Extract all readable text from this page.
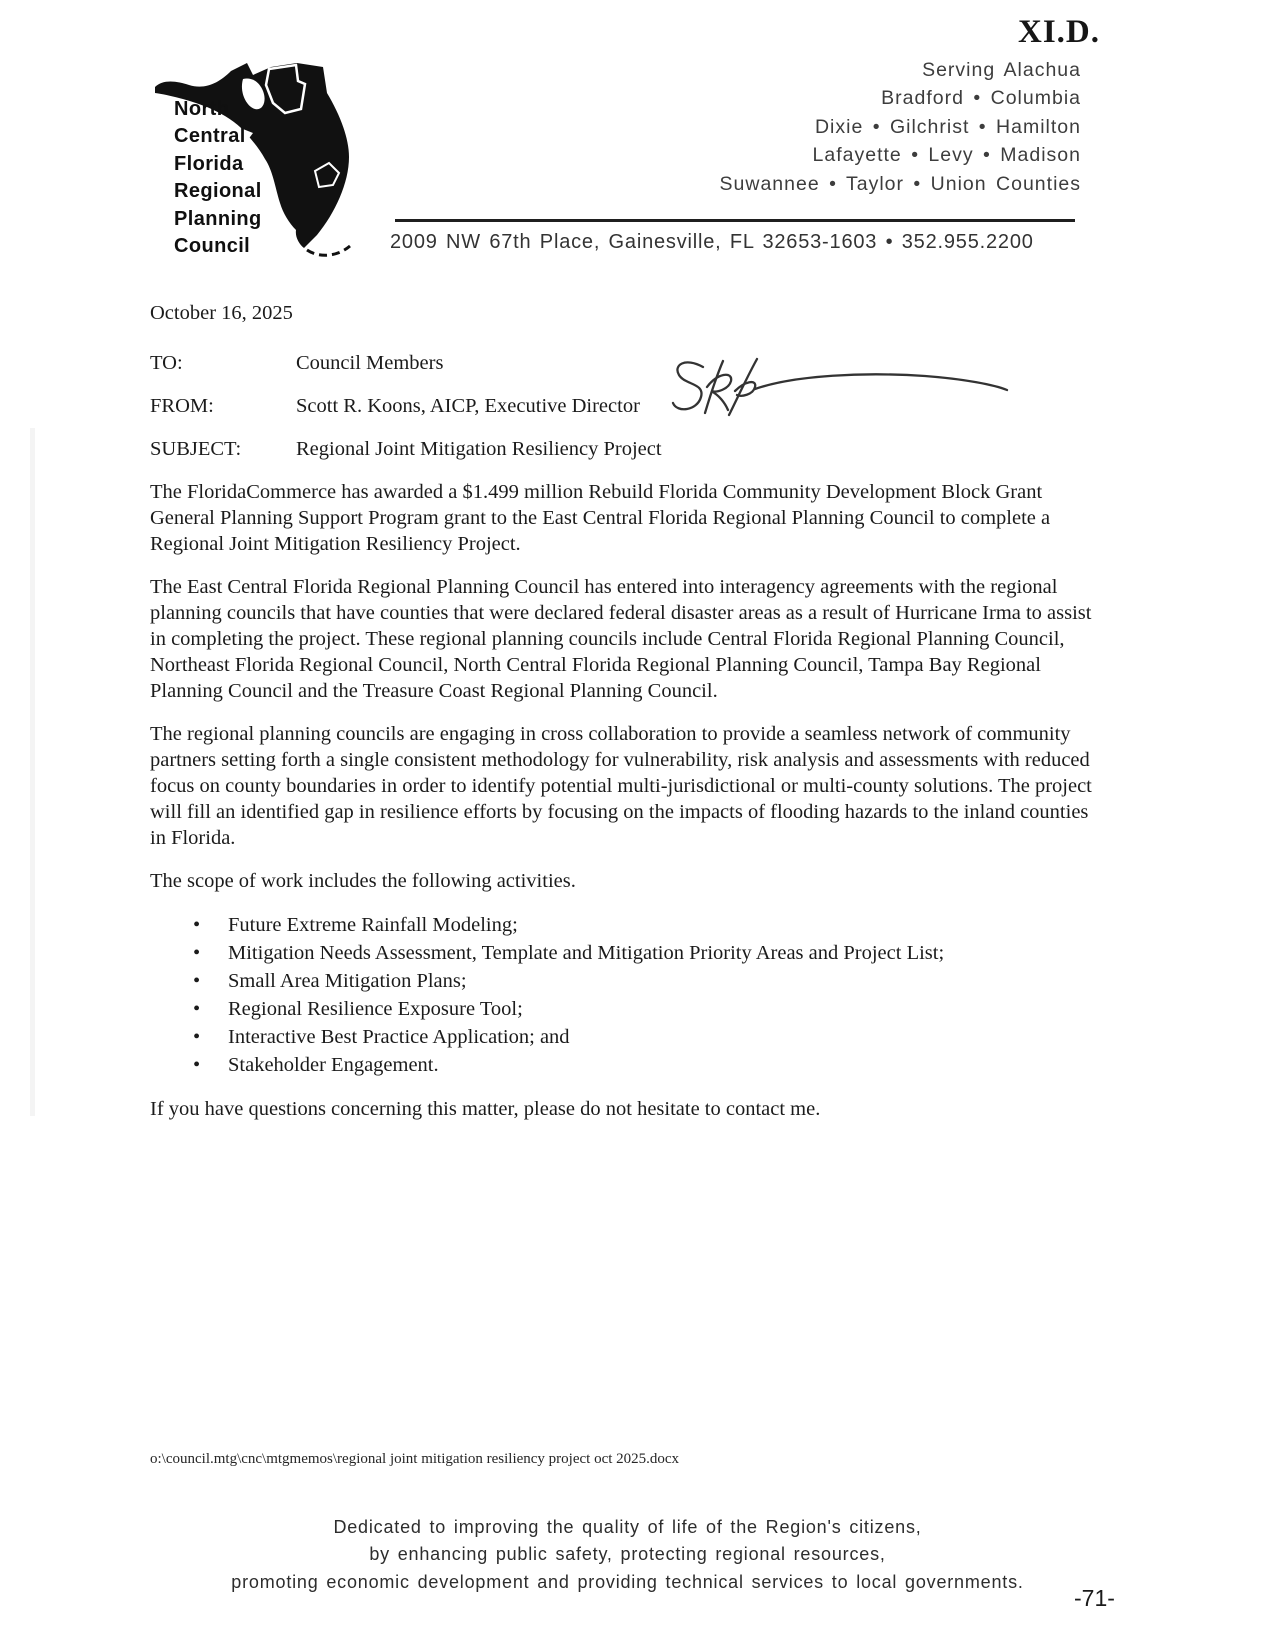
North
Central
Florida
Regional
Planning
Council
XI.D.
Serving Alachua
Bradford • Columbia
Dixie • Gilchrist • Hamilton
Lafayette • Levy • Madison
Suwannee • Taylor • Union Counties
2009 NW 67th Place, Gainesville, FL 32653-1603 • 352.955.2200
October 16, 2025
TO:	Council Members
FROM:	Scott R. Koons, AICP, Executive Director
SUBJECT:	Regional Joint Mitigation Resiliency Project

The FloridaCommerce has awarded a $1.499 million Rebuild Florida Community Development Block Grant General Planning Support Program grant to the East Central Florida Regional Planning Council to complete a Regional Joint Mitigation Resiliency Project.

The East Central Florida Regional Planning Council has entered into interagency agreements with the regional planning councils that have counties that were declared federal disaster areas as a result of Hurricane Irma to assist in completing the project. These regional planning councils include Central Florida Regional Planning Council, Northeast Florida Regional Council, North Central Florida Regional Planning Council, Tampa Bay Regional Planning Council and the Treasure Coast Regional Planning Council.

The regional planning councils are engaging in cross collaboration to provide a seamless network of community partners setting forth a single consistent methodology for vulnerability, risk analysis and assessments with reduced focus on county boundaries in order to identify potential multi-jurisdictional or multi-county solutions. The project will fill an identified gap in resilience efforts by focusing on the impacts of flooding hazards to the inland counties in Florida.

The scope of work includes the following activities.

•	Future Extreme Rainfall Modeling;
•	Mitigation Needs Assessment, Template and Mitigation Priority Areas and Project List;
•	Small Area Mitigation Plans;
•	Regional Resilience Exposure Tool;
•	Interactive Best Practice Application; and
•	Stakeholder Engagement.

If you have questions concerning this matter, please do not hesitate to contact me.

o:\council.mtg\cnc\mtgmemos\regional joint mitigation resiliency project oct 2025.docx
Dedicated to improving the quality of life of the Region's citizens,
by enhancing public safety, protecting regional resources,
promoting economic development and providing technical services to local governments.
-71-
